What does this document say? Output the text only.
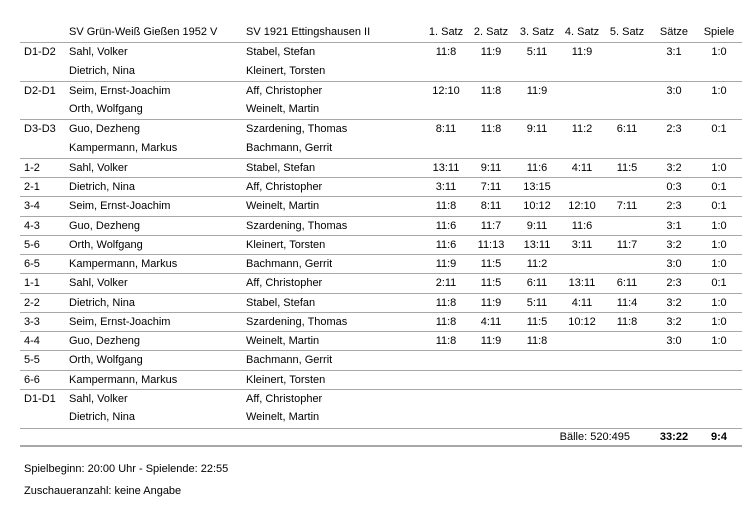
SV Grün-Weiß Gießen 1952 V	SV 1921 Ettingshausen II	1. Satz 2. Satz 3. Satz 4. Satz 5. Satz	Sätze	Spiele
D1-D2 Sahl, Volker	Stabel, Stefan	11:8	11:9	5:11	11:9	3:1	1:0
Dietrich, Nina	Kleinert, Torsten
D2-D1 Seim, Ernst-Joachim	Aff, Christopher	12:10	11:8	11:9	3:0	1:0
Orth, Wolfgang	Weinelt, Martin
D3-D3 Guo, Dezheng	Szardening, Thomas	8:11	11:8	9:11	11:2	6:11	2:3	0:1
Kampermann, Markus	Bachmann, Gerrit
1-2	Sahl, Volker	Stabel, Stefan	13:11	9:11	11:6	4:11	11:5	3:2	1:0
2-1	Dietrich, Nina	Aff, Christopher	3:11	7:11	13:15	0:3	0:1
3-4	Seim, Ernst-Joachim	Weinelt, Martin	11:8	8:11	10:12	12:10	7:11	2:3	0:1
4-3	Guo, Dezheng	Szardening, Thomas	11:6	11:7	9:11	11:6	3:1	1:0
5-6	Orth, Wolfgang	Kleinert, Torsten	11:6	11:13	13:11	3:11	11:7	3:2	1:0
6-5	Kampermann, Markus	Bachmann, Gerrit	11:9	11:5	11:2	3:0	1:0
1-1	Sahl, Volker	Aff, Christopher	2:11	11:5	6:11	13:11	6:11	2:3	0:1
2-2	Dietrich, Nina	Stabel, Stefan	11:8	11:9	5:11	4:11	11:4	3:2	1:0
3-3	Seim, Ernst-Joachim	Szardening, Thomas	11:8	4:11	11:5	10:12	11:8	3:2	1:0
4-4	Guo, Dezheng	Weinelt, Martin	11:8	11:9	11:8	3:0	1:0
5-5	Orth, Wolfgang	Bachmann, Gerrit
6-6	Kampermann, Markus	Kleinert, Torsten
D1-D1 Sahl, Volker	Aff, Christopher
Dietrich, Nina	Weinelt, Martin
Bälle: 520:495	33:22	9:4
Spielbeginn: 20:00 Uhr - Spielende: 22:55
Zuschaueranzahl: keine Angabe
